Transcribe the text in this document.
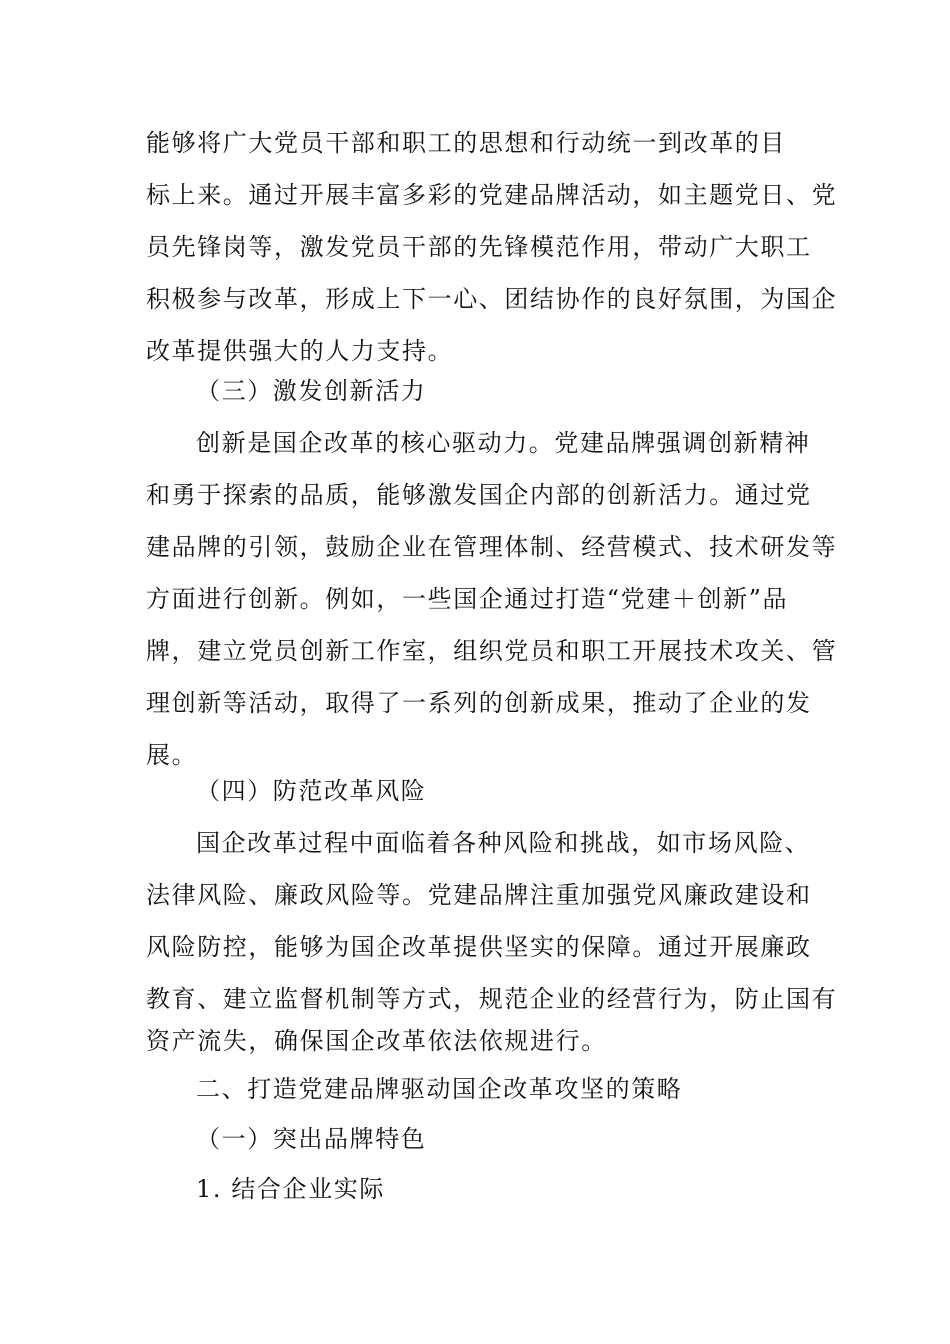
能够将广大党员干部和职工的思想和行动统一到改革的目
标上来。通过开展丰富多彩的党建品牌活动，如主题党日、党
员先锋岗等，激发党员干部的先锋模范作用，带动广大职工
积极参与改革，形成上下一心、团结协作的良好氛围，为国企
改革提供强大的人力支持。
（三）激发创新活力
创新是国企改革的核心驱动力。党建品牌强调创新精神
和勇于探索的品质，能够激发国企内部的创新活力。通过党
建品牌的引领，鼓励企业在管理体制、经营模式、技术研发等
方面进行创新。例如，一些国企通过打造“党建＋创新”品
牌，建立党员创新工作室，组织党员和职工开展技术攻关、管
理创新等活动，取得了一系列的创新成果，推动了企业的发
展。
（四）防范改革风险
国企改革过程中面临着各种风险和挑战，如市场风险、
法律风险、廉政风险等。党建品牌注重加强党风廉政建设和
风险防控，能够为国企改革提供坚实的保障。通过开展廉政
教育、建立监督机制等方式，规范企业的经营行为，防止国有
资产流失，确保国企改革依法依规进行。
二、打造党建品牌驱动国企改革攻坚的策略
（一）突出品牌特色
1. 结合企业实际
